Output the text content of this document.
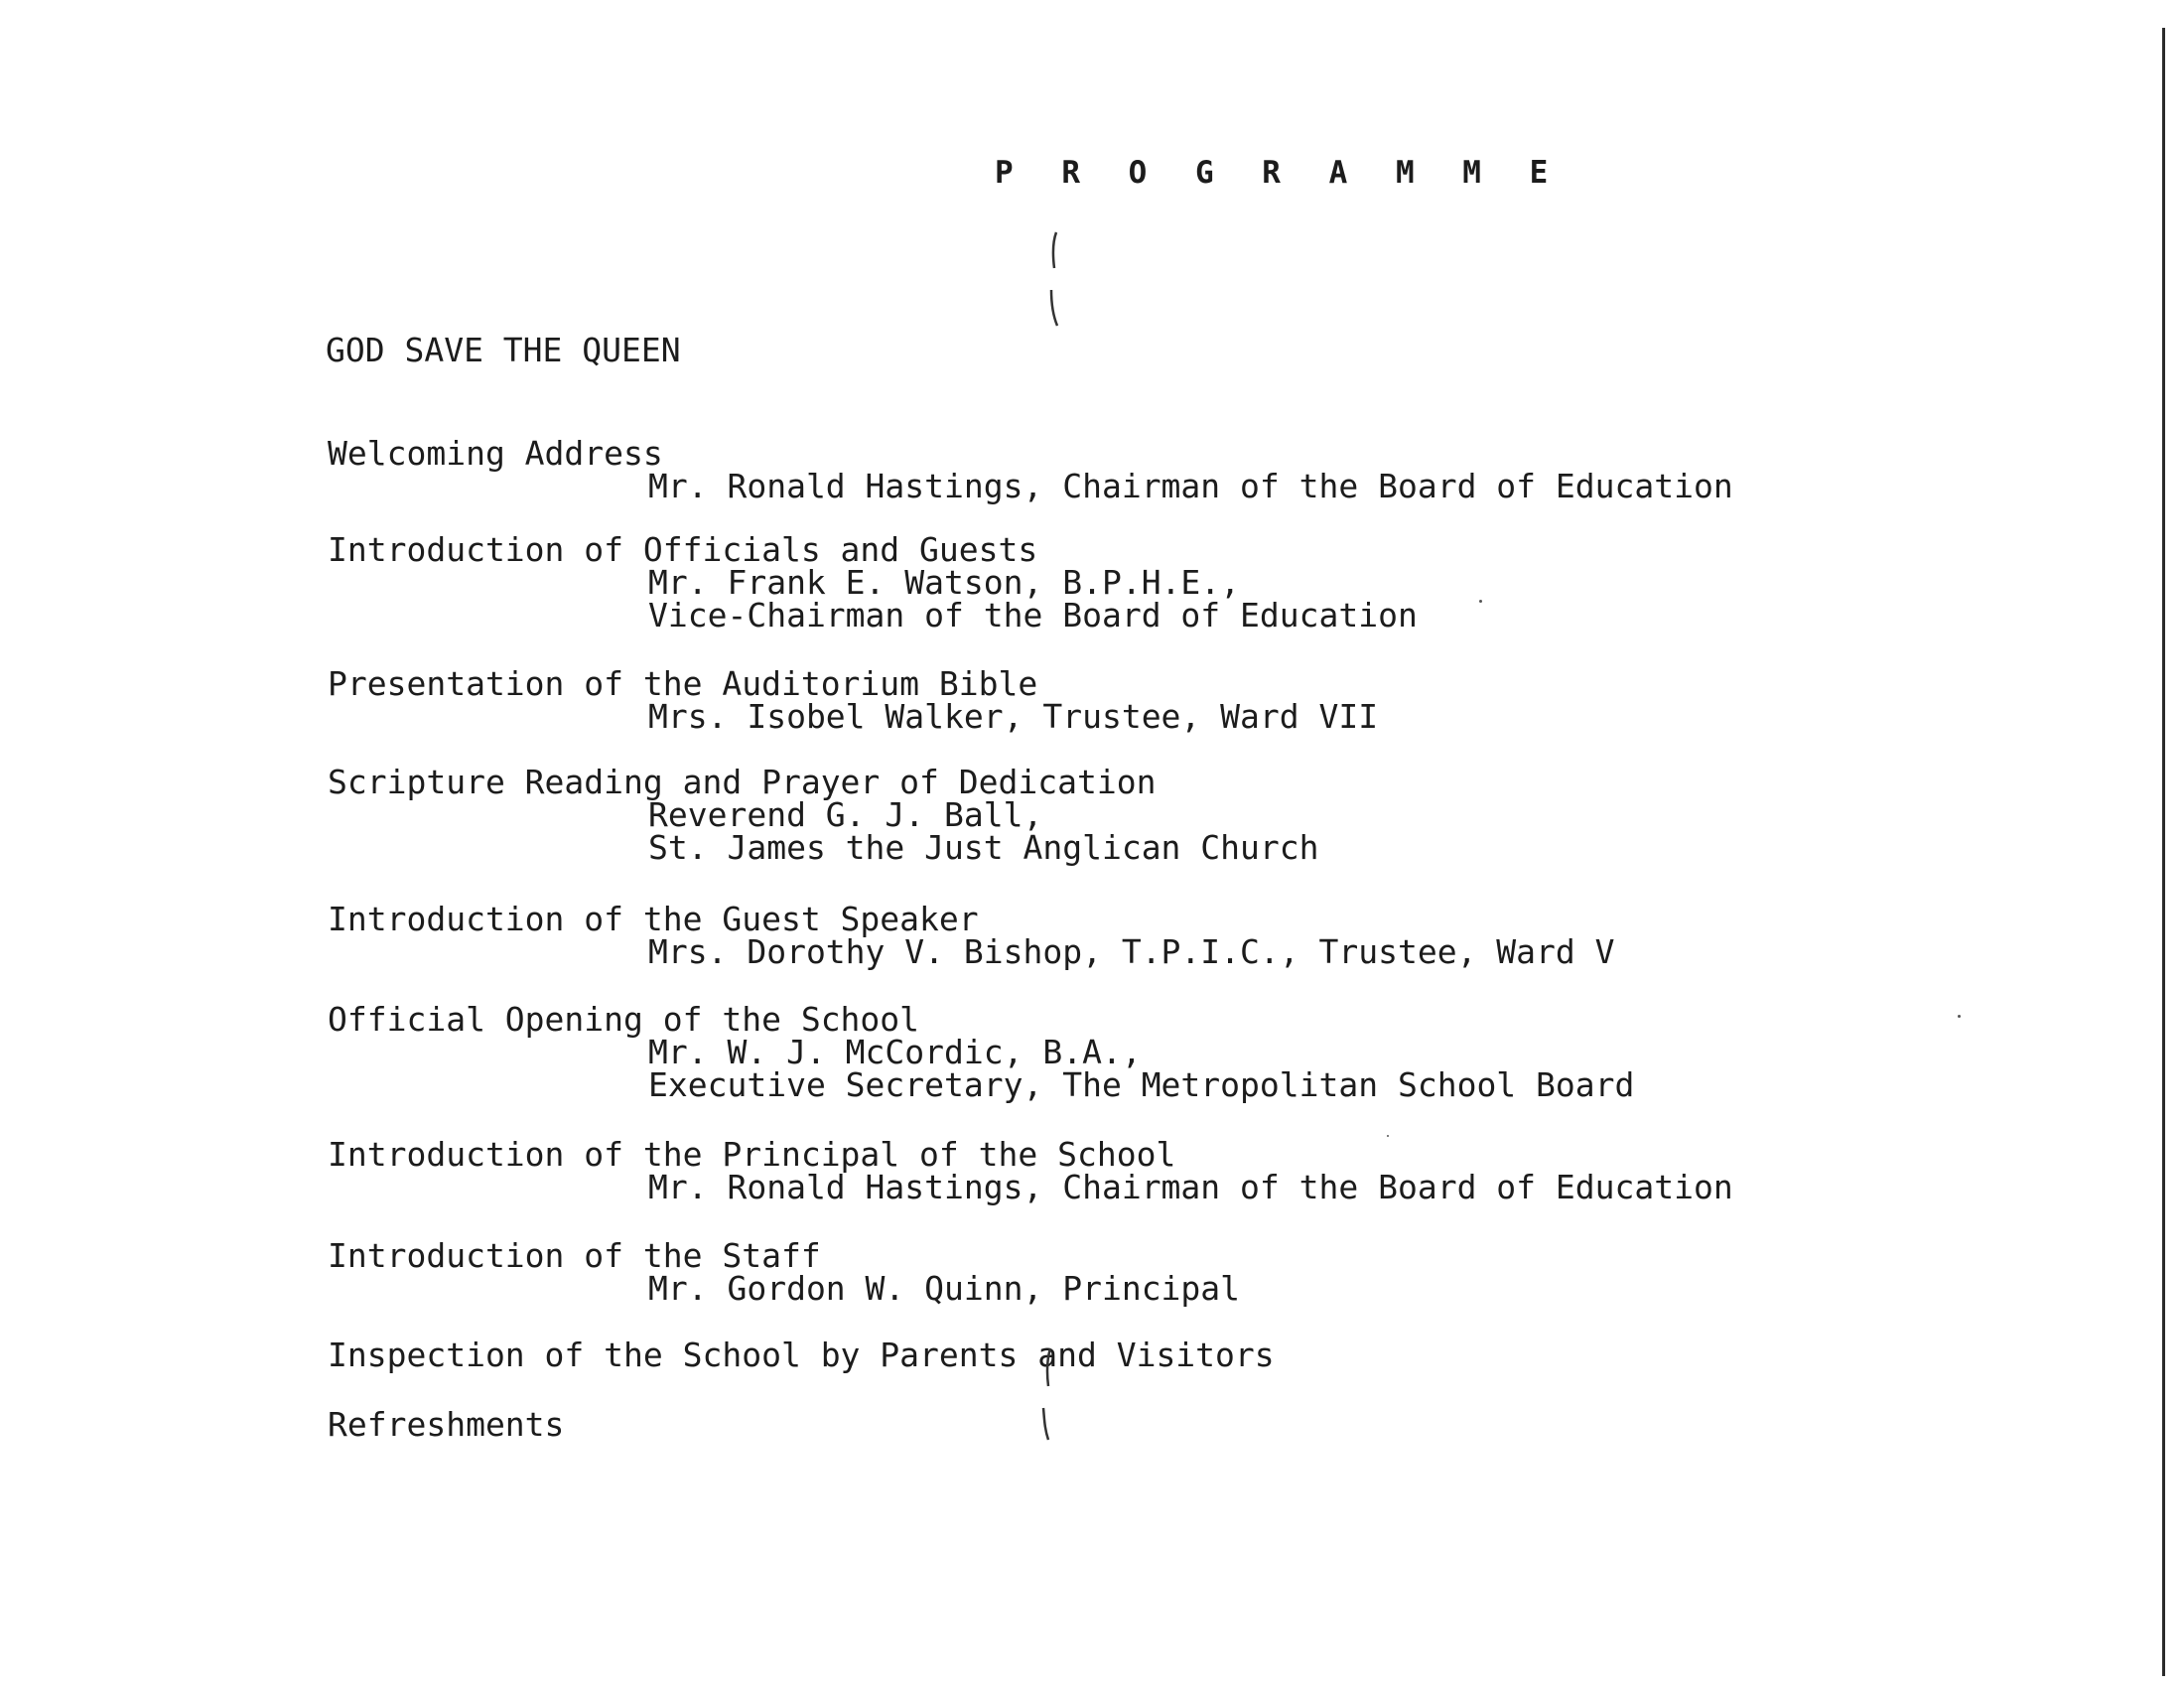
P R O G R A M M E
GOD SAVE THE QUEEN
Welcoming Address
Mr. Ronald Hastings, Chairman of the Board of Education
Introduction of Officials and Guests
Mr. Frank E. Watson, B.P.H.E.,
Vice-Chairman of the Board of Education
Presentation of the Auditorium Bible
Mrs. Isobel Walker, Trustee, Ward VII
Scripture Reading and Prayer of Dedication
Reverend G. J. Ball,
St. James the Just Anglican Church
Introduction of the Guest Speaker
Mrs. Dorothy V. Bishop, T.P.I.C., Trustee, Ward V
Official Opening of the School
Mr. W. J. McCordic, B.A.,
Executive Secretary, The Metropolitan School Board
Introduction of the Principal of the School
Mr. Ronald Hastings, Chairman of the Board of Education
Introduction of the Staff
Mr. Gordon W. Quinn, Principal
Inspection of the School by Parents and Visitors
Refreshments
